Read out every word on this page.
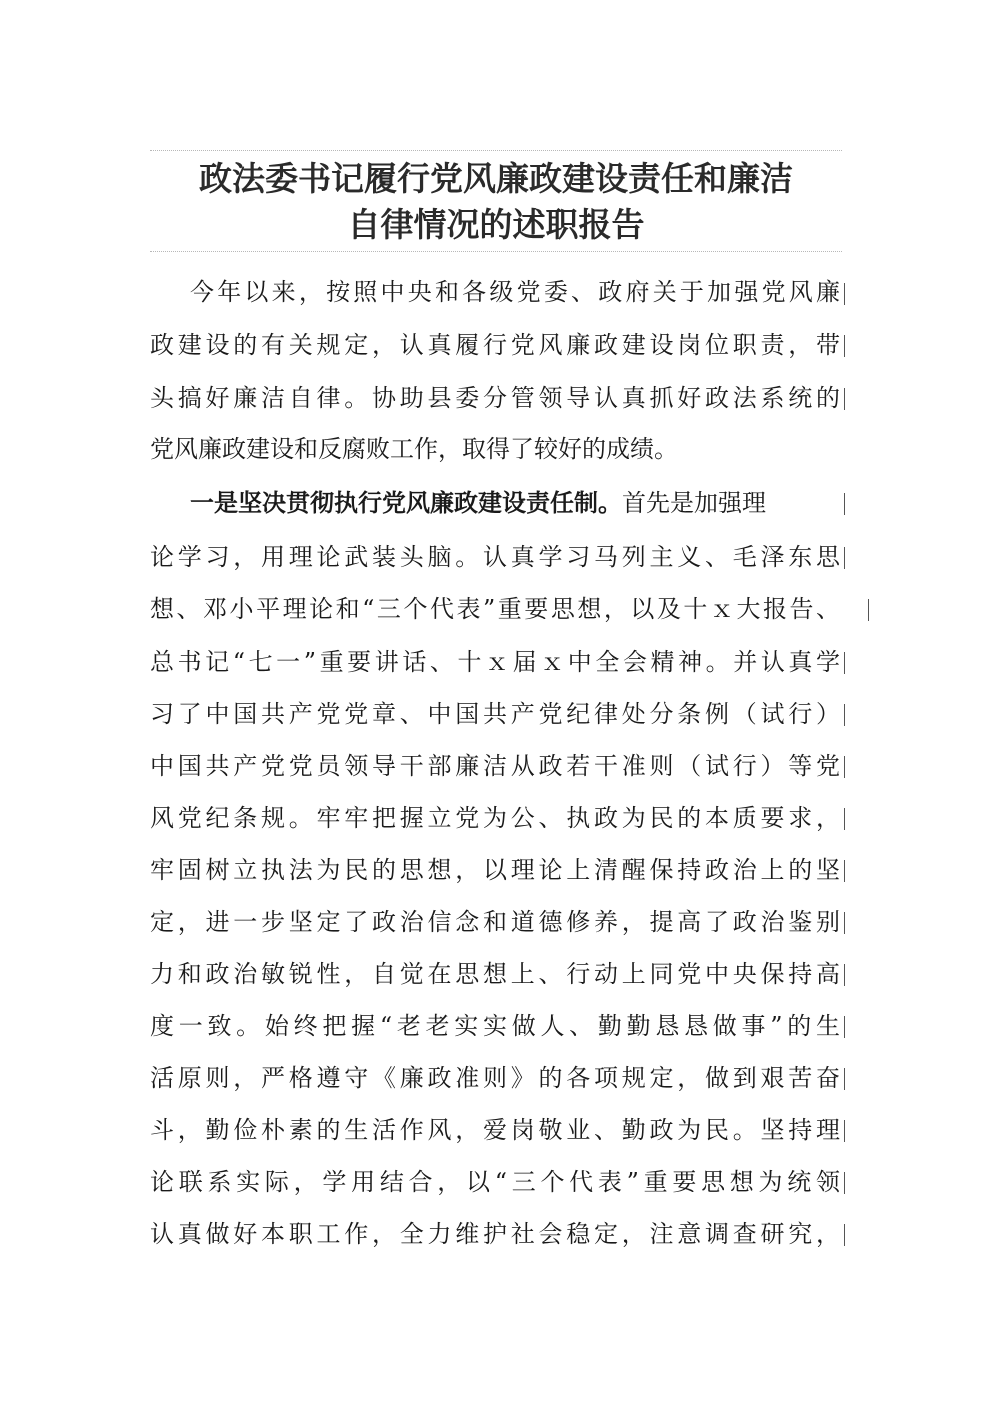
政法委书记履行党风廉政建设责任和廉洁
自律情况的述职报告
今年以来，按照中央和各级党委、政府关于加强党风廉
政建设的有关规定，认真履行党风廉政建设岗位职责，带
头搞好廉洁自律。协助县委分管领导认真抓好政法系统的
党风廉政建设和反腐败工作，取得了较好的成绩。
一是坚决贯彻执行党风廉政建设责任制。首先是加强理
论学习，用理论武装头脑。认真学习马列主义、毛泽东思
想、邓小平理论和“三个代表”重要思想，以及十ｘ大报告、
总书记“七一”重要讲话、十ｘ届ｘ中全会精神。并认真学
习了中国共产党党章、中国共产党纪律处分条例（试行）
中国共产党党员领导干部廉洁从政若干准则（试行）等党
风党纪条规。牢牢把握立党为公、执政为民的本质要求，
牢固树立执法为民的思想，以理论上清醒保持政治上的坚
定，进一步坚定了政治信念和道德修养，提高了政治鉴别
力和政治敏锐性，自觉在思想上、行动上同党中央保持高
度一致。始终把握“老老实实做人、勤勤恳恳做事”的生
活原则，严格遵守《廉政准则》的各项规定，做到艰苦奋
斗，勤俭朴素的生活作风，爱岗敬业、勤政为民。坚持理
论联系实际，学用结合，以“三个代表”重要思想为统领
认真做好本职工作，全力维护社会稳定，注意调查研究，
